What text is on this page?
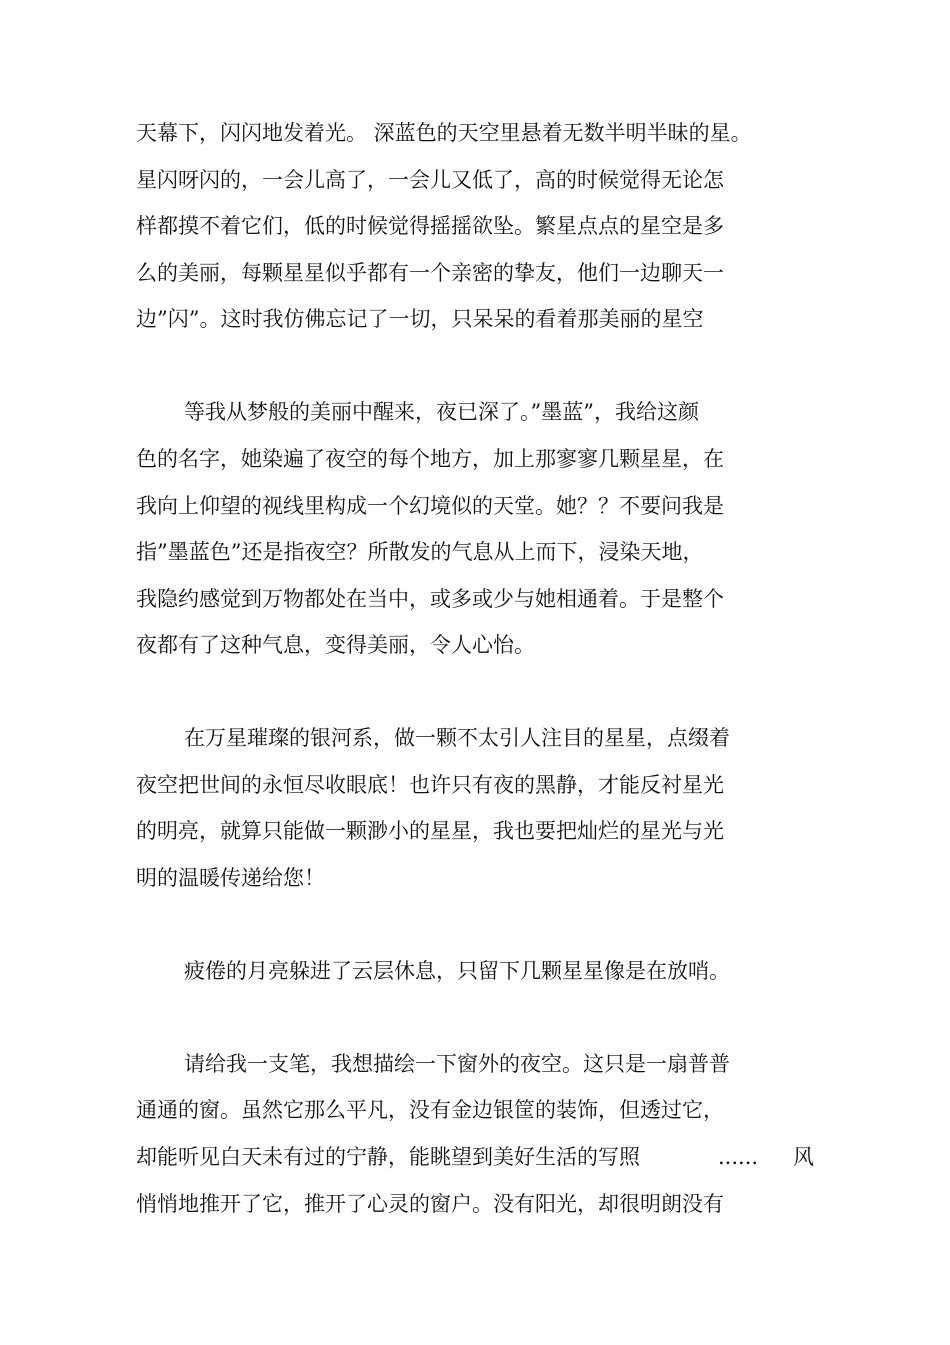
天幕下，闪闪地发着光。 深蓝色的天空里悬着无数半明半昧的星。
星闪呀闪的，一会儿高了，一会儿又低了，高的时候觉得无论怎
样都摸不着它们，低的时候觉得摇摇欲坠。繁星点点的星空是多
么的美丽，每颗星星似乎都有一个亲密的挚友，他们一边聊天一
边”闪”。这时我仿佛忘记了一切，只呆呆的看着那美丽的星空
等我从梦般的美丽中醒来，夜已深了。”墨蓝”，我给这颜
色的名字，她染遍了夜空的每个地方，加上那寥寥几颗星星，在
我向上仰望的视线里构成一个幻境似的天堂。她？？不要问我是
指”墨蓝色”还是指夜空？所散发的气息从上而下，浸染天地，
我隐约感觉到万物都处在当中，或多或少与她相通着。于是整个
夜都有了这种气息，变得美丽，令人心怡。
在万星璀璨的银河系，做一颗不太引人注目的星星，点缀着
夜空把世间的永恒尽收眼底！也许只有夜的黑静，才能反衬星光
的明亮，就算只能做一颗渺小的星星，我也要把灿烂的星光与光
明的温暖传递给您！
疲倦的月亮躲进了云层休息，只留下几颗星星像是在放哨。
请给我一支笔，我想描绘一下窗外的夜空。这只是一扇普普
通通的窗。虽然它那么平凡，没有金边银筐的装饰，但透过它，
却能听见白天未有过的宁静，能眺望到美好生活的写照	...... 风
悄悄地推开了它，推开了心灵的窗户。没有阳光，却很明朗没有
